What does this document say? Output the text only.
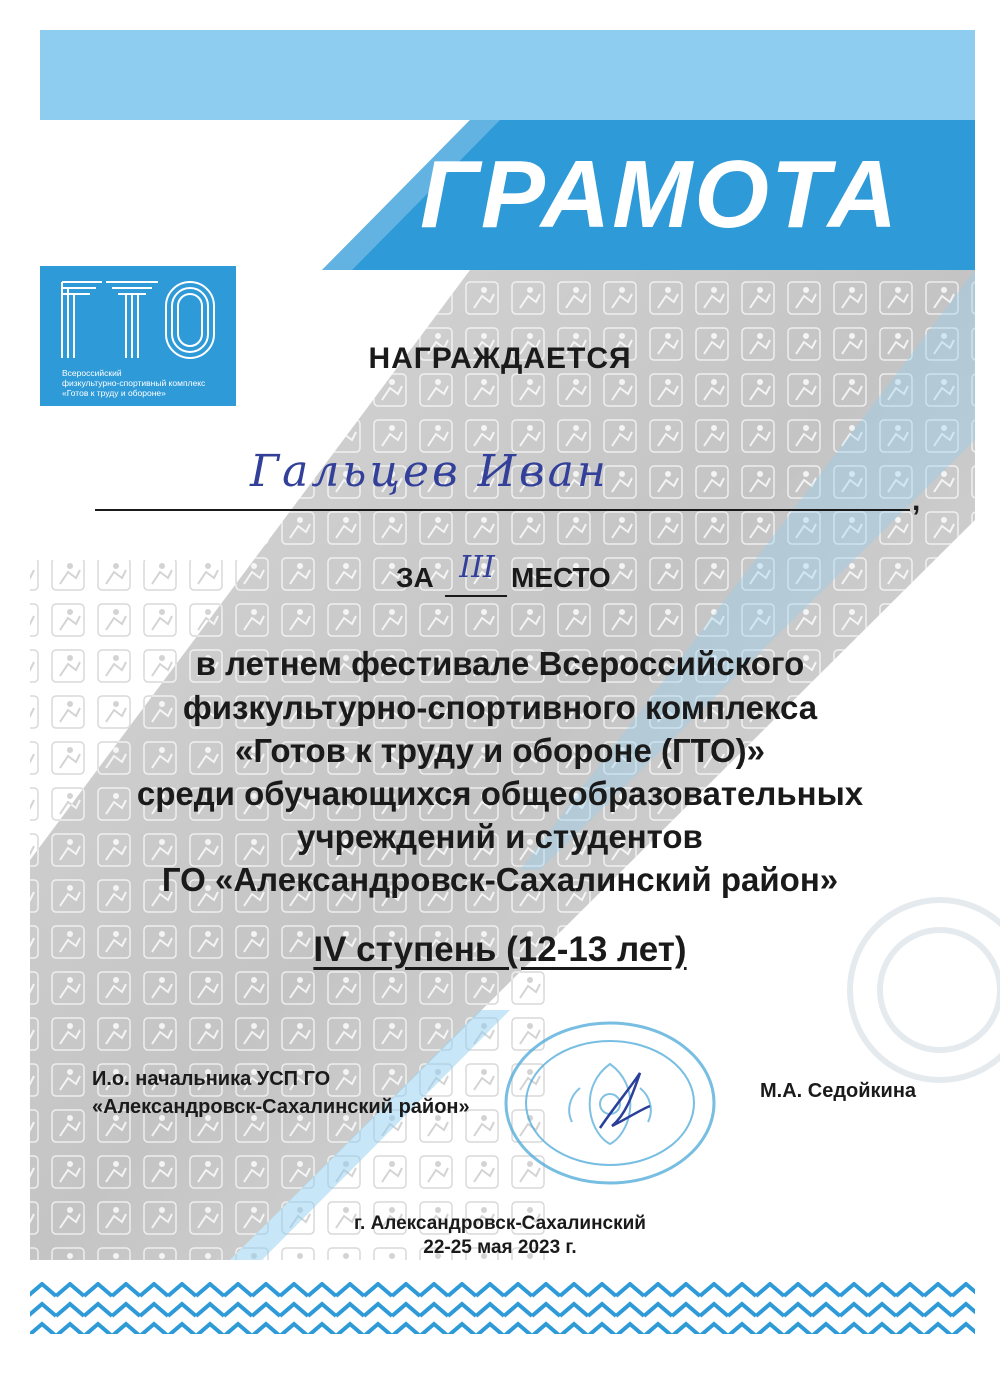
Всероссийский
физкультурно-спортивный комплекс
«Готов к труду и обороне»
ГРАМОТА
НАГРАЖДАЕТСЯ
Гальцев Иван
,
ЗА III МЕСТО
в летнем фестивале Всероссийского
физкультурно-спортивного комплекса
«Готов к труду и обороне (ГТО)»
среди обучающихся общеобразовательных
учреждений и студентов
ГО «Александровск-Сахалинский район»
IV ступень (12-13 лет)
И.о. начальника УСП ГО
«Александровск-Сахалинский район»
М.А. Седойкина
г. Александровск-Сахалинский
22-25 мая 2023 г.
